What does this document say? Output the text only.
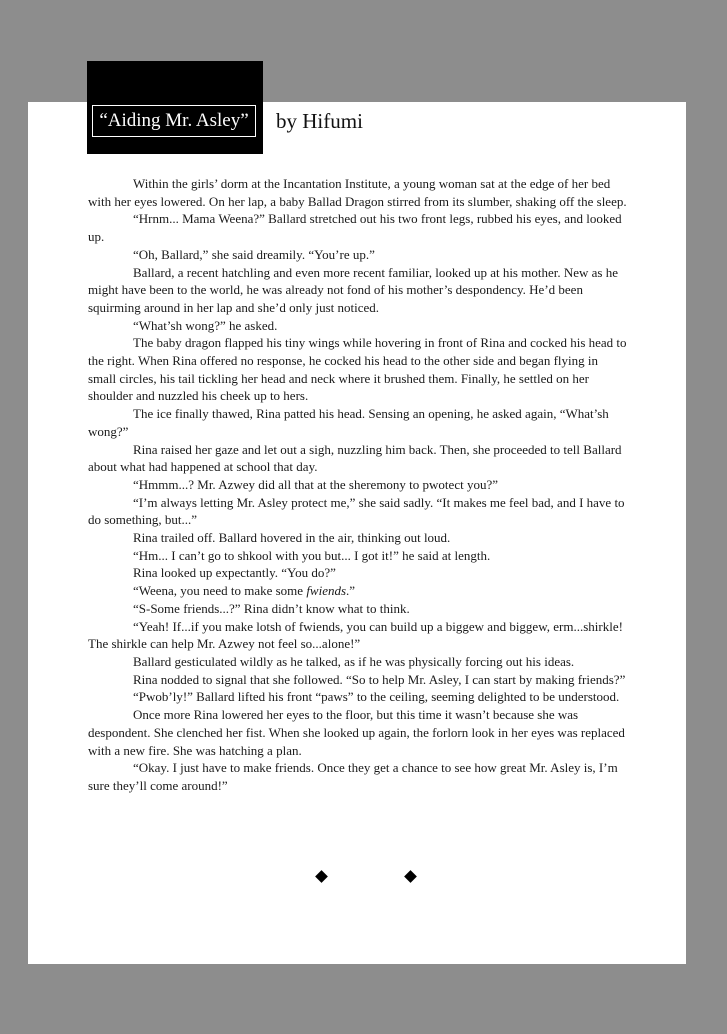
“Aiding Mr. Asley” by Hifumi

Within the girls’ dorm at the Incantation Institute, a young woman sat at the edge of her bed with her eyes lowered. On her lap, a baby Ballad Dragon stirred from its slumber, shaking off the sleep.

“Hrnm... Mama Weena?” Ballard stretched out his two front legs, rubbed his eyes, and looked up.

“Oh, Ballard,” she said dreamily. “You’re up.”

Ballard, a recent hatchling and even more recent familiar, looked up at his mother. New as he might have been to the world, he was already not fond of his mother’s despondency. He’d been squirming around in her lap and she’d only just noticed.

“What’sh wong?” he asked.

The baby dragon flapped his tiny wings while hovering in front of Rina and cocked his head to the right. When Rina offered no response, he cocked his head to the other side and began flying in small circles, his tail tickling her head and neck where it brushed them. Finally, he settled on her shoulder and nuzzled his cheek up to hers.

The ice finally thawed, Rina patted his head. Sensing an opening, he asked again, “What’sh wong?”

Rina raised her gaze and let out a sigh, nuzzling him back. Then, she proceeded to tell Ballard about what had happened at school that day.

“Hmmm...? Mr. Azwey did all that at the sheremony to pwotect you?”

“I’m always letting Mr. Asley protect me,” she said sadly. “It makes me feel bad, and I have to do something, but...”

Rina trailed off. Ballard hovered in the air, thinking out loud.

“Hm... I can’t go to shkool with you but... I got it!” he said at length.

Rina looked up expectantly. “You do?”

“Weena, you need to make some fwiends.”

“S-Some friends...?” Rina didn’t know what to think.

“Yeah! If...if you make lotsh of fwiends, you can build up a biggew and biggew, erm...shirkle! The shirkle can help Mr. Azwey not feel so...alone!”

Ballard gesticulated wildly as he talked, as if he was physically forcing out his ideas.

Rina nodded to signal that she followed. “So to help Mr. Asley, I can start by making friends?”

“Pwob’ly!” Ballard lifted his front “paws” to the ceiling, seeming delighted to be understood.

Once more Rina lowered her eyes to the floor, but this time it wasn’t because she was despondent. She clenched her fist. When she looked up again, the forlorn look in her eyes was replaced with a new fire. She was hatching a plan.

“Okay. I just have to make friends. Once they get a chance to see how great Mr. Asley is, I’m sure they’ll come around!”
